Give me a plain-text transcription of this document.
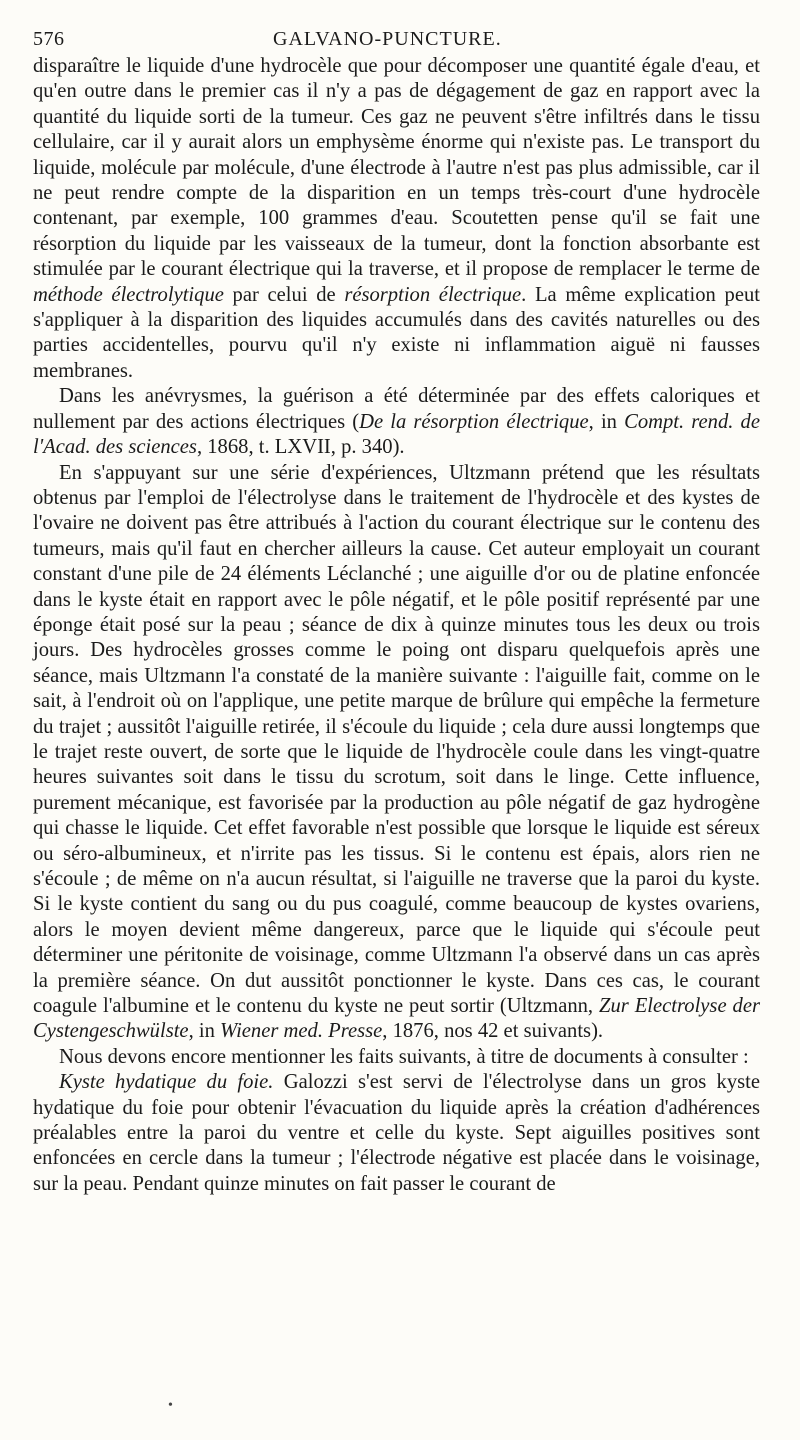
576	GALVANO-PUNCTURE.

disparaître le liquide d'une hydrocèle que pour décomposer une quantité égale d'eau, et qu'en outre dans le premier cas il n'y a pas de dégagement de gaz en rapport avec la quantité du liquide sorti de la tumeur. Ces gaz ne peuvent s'être infiltrés dans le tissu cellulaire, car il y aurait alors un emphysème énorme qui n'existe pas. Le transport du liquide, molécule par molécule, d'une électrode à l'autre n'est pas plus admissible, car il ne peut rendre compte de la disparition en un temps très-court d'une hydrocèle contenant, par exemple, 100 grammes d'eau. Scoutetten pense qu'il se fait une résorption du liquide par les vaisseaux de la tumeur, dont la fonction absorbante est stimulée par le courant électrique qui la traverse, et il propose de remplacer le terme de méthode électrolytique par celui de résorption électrique. La même explication peut s'appliquer à la disparition des liquides accumulés dans des cavités naturelles ou des parties accidentelles, pourvu qu'il n'y existe ni inflammation aiguë ni fausses membranes.

Dans les anévrysmes, la guérison a été déterminée par des effets caloriques et nullement par des actions électriques (De la résorption électrique, in Compt. rend. de l'Acad. des sciences, 1868, t. LXVII, p. 340).

En s'appuyant sur une série d'expériences, Ultzmann prétend que les résultats obtenus par l'emploi de l'électrolyse dans le traitement de l'hydrocèle et des kystes de l'ovaire ne doivent pas être attribués à l'action du courant électrique sur le contenu des tumeurs, mais qu'il faut en chercher ailleurs la cause. Cet auteur employait un courant constant d'une pile de 24 éléments Léclanché ; une aiguille d'or ou de platine enfoncée dans le kyste était en rapport avec le pôle négatif, et le pôle positif représenté par une éponge était posé sur la peau ; séance de dix à quinze minutes tous les deux ou trois jours. Des hydrocèles grosses comme le poing ont disparu quelquefois après une séance, mais Ultzmann l'a constaté de la manière suivante : l'aiguille fait, comme on le sait, à l'endroit où on l'applique, une petite marque de brûlure qui empêche la fermeture du trajet ; aussitôt l'aiguille retirée, il s'écoule du liquide ; cela dure aussi longtemps que le trajet reste ouvert, de sorte que le liquide de l'hydrocèle coule dans les vingt-quatre heures suivantes soit dans le tissu du scrotum, soit dans le linge. Cette influence, purement mécanique, est favorisée par la production au pôle négatif de gaz hydrogène qui chasse le liquide. Cet effet favorable n'est possible que lorsque le liquide est séreux ou séro-albumineux, et n'irrite pas les tissus. Si le contenu est épais, alors rien ne s'écoule ; de même on n'a aucun résultat, si l'aiguille ne traverse que la paroi du kyste. Si le kyste contient du sang ou du pus coagulé, comme beaucoup de kystes ovariens, alors le moyen devient même dangereux, parce que le liquide qui s'écoule peut déterminer une péritonite de voisinage, comme Ultzmann l'a observé dans un cas après la première séance. On dut aussitôt ponctionner le kyste. Dans ces cas, le courant coagule l'albumine et le contenu du kyste ne peut sortir (Ultzmann, Zur Electrolyse der Cystengeschwülste, in Wiener med. Presse, 1876, nos 42 et suivants).

Nous devons encore mentionner les faits suivants, à titre de documents à consulter :

Kyste hydatique du foie. Galozzi s'est servi de l'électrolyse dans un gros kyste hydatique du foie pour obtenir l'évacuation du liquide après la création d'adhérences préalables entre la paroi du ventre et celle du kyste. Sept aiguilles positives sont enfoncées en cercle dans la tumeur ; l'électrode négative est placée dans le voisinage, sur la peau. Pendant quinze minutes on fait passer le courant de

•
